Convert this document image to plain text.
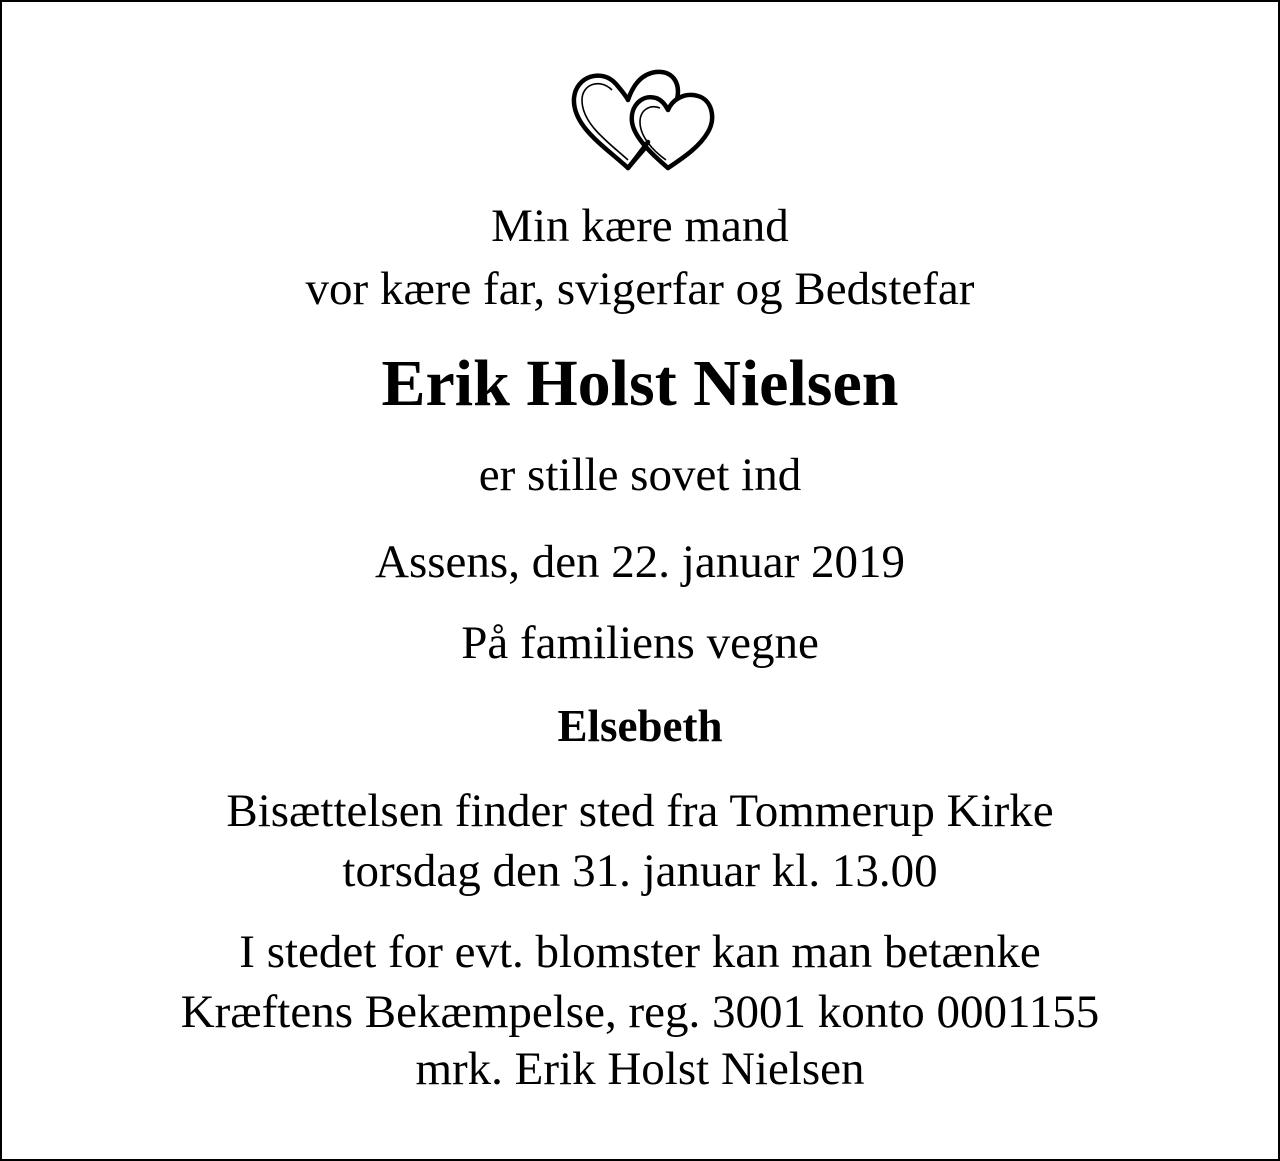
Min kære mand
vor kære far, svigerfar og Bedstefar
Erik Holst Nielsen
er stille sovet ind
Assens, den 22. januar 2019
På familiens vegne
Elsebeth
Bisættelsen finder sted fra Tommerup Kirke
torsdag den 31. januar kl. 13.00
I stedet for evt. blomster kan man betænke
Kræftens Bekæmpelse, reg. 3001 konto 0001155
mrk. Erik Holst Nielsen
